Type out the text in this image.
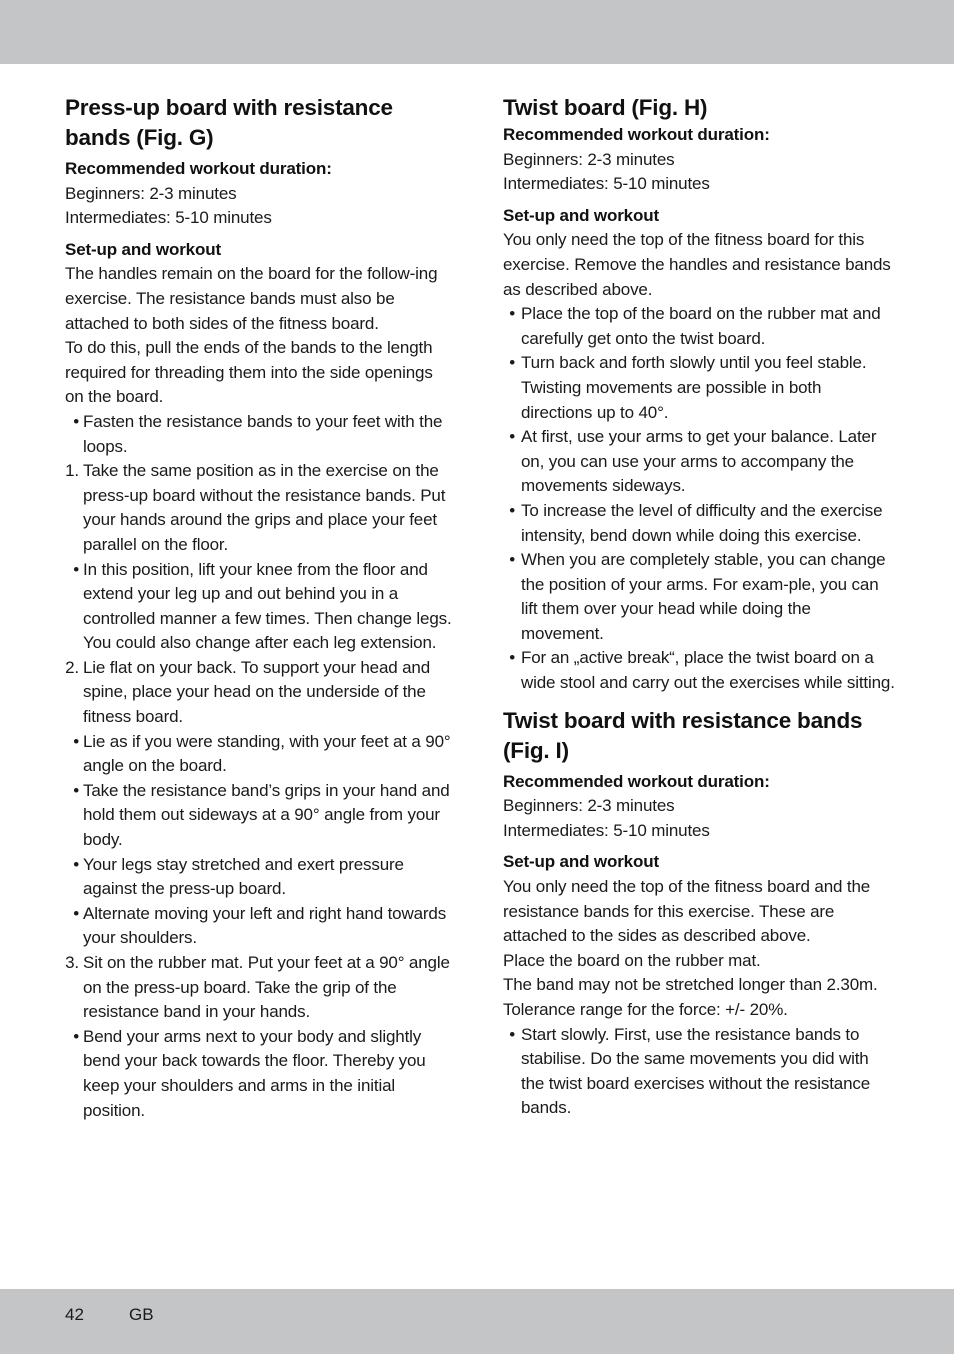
Press-up board with resistance bands (Fig. G)
Recommended workout duration:

Beginners: 2-3 minutes

Intermediates: 5-10 minutes

Set-up and workout

The handles remain on the board for the follow-ing exercise. The resistance bands must also be attached to both sides of the fitness board.

To do this, pull the ends of the bands to the length required for threading them into the side openings on the board.

• Fasten the resistance bands to your feet with the loops.
1. Take the same position as in the exercise on the press-up board without the resistance bands. Put your hands around the grips and place your feet parallel on the floor.
• In this position, lift your knee from the floor and extend your leg up and out behind you in a controlled manner a few times. Then change legs. You could also change after each leg extension.
2. Lie flat on your back. To support your head and spine, place your head on the underside of the fitness board.
• Lie as if you were standing, with your feet at a 90° angle on the board.
• Take the resistance band’s grips in your hand and hold them out sideways at a 90° angle from your body.
• Your legs stay stretched and exert pressure against the press-up board.
• Alternate moving your left and right hand towards your shoulders.
3. Sit on the rubber mat. Put your feet at a 90° angle on the press-up board. Take the grip of the resistance band in your hands.
• Bend your arms next to your body and slightly bend your back towards the floor. Thereby you keep your shoulders and arms in the initial position.
Twist board (Fig. H)
Recommended workout duration:

Beginners: 2-3 minutes

Intermediates: 5-10 minutes

Set-up and workout

You only need the top of the fitness board for this exercise. Remove the handles and resistance bands as described above.

• Place the top of the board on the rubber mat and carefully get onto the twist board.
• Turn back and forth slowly until you feel stable. Twisting movements are possible in both directions up to 40°.
• At first, use your arms to get your balance. Later on, you can use your arms to accompany the movements sideways.
• To increase the level of difficulty and the exercise intensity, bend down while doing this exercise.
• When you are completely stable, you can change the position of your arms. For exam-ple, you can lift them over your head while doing the movement.
• For an „active break“, place the twist board on a wide stool and carry out the exercises while sitting.
Twist board with resistance bands (Fig. I)
Recommended workout duration:

Beginners: 2-3 minutes

Intermediates: 5-10 minutes

Set-up and workout

You only need the top of the fitness board and the resistance bands for this exercise. These are attached to the sides as described above.

Place the board on the rubber mat.

The band may not be stretched longer than 2.30m. Tolerance range for the force: +/- 20%.

• Start slowly. First, use the resistance bands to stabilise. Do the same movements you did with the twist board exercises without the resistance bands.
42	GB
